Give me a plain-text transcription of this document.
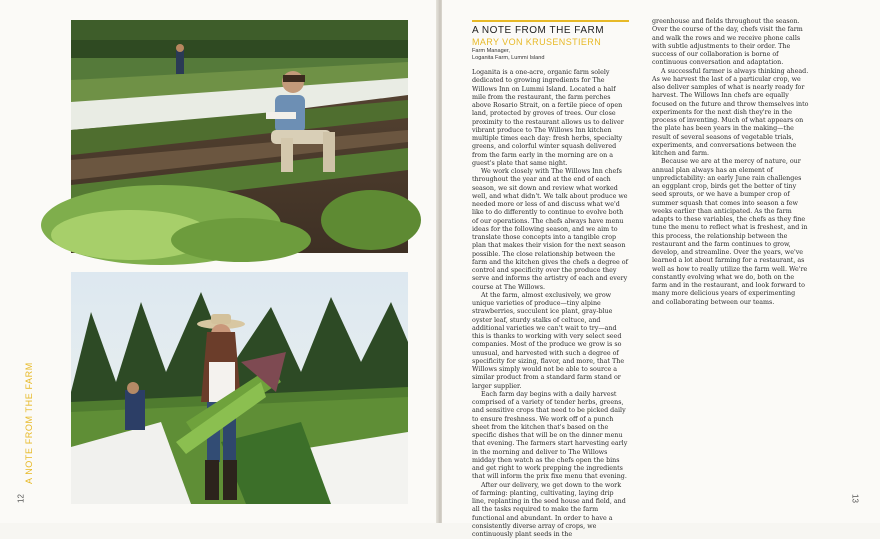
A NOTE FROM THE FARM
12	13
A NOTE FROM THE FARM
MARY VON KRUSENSTIERN
Farm Manager,
Loganita Farm, Lummi Island

Loganita is a one-acre, organic farm solely dedicated to growing ingredients for The Willows Inn on Lummi Island. Located a half mile from the restaurant, the farm perches above Rosario Strait, on a fertile piece of open land, protected by groves of trees. Our close proximity to the restaurant allows us to deliver vibrant produce to The Willows Inn kitchen multiple times each day: fresh herbs, specialty greens, and colorful winter squash delivered from the farm early in the morning are on a guest's plate that same night.

We work closely with The Willows Inn chefs throughout the year and at the end of each season, we sit down and review what worked well, and what didn't. We talk about produce we needed more or less of and discuss what we'd like to do differently to continue to evolve both of our operations. The chefs always have menu ideas for the following season, and we aim to translate those concepts into a tangible crop plan that makes their vision for the next season possible. The close relationship between the farm and the kitchen gives the chefs a degree of control and specificity over the produce they serve and informs the artistry of each and every course at The Willows.

At the farm, almost exclusively, we grow unique varieties of produce—tiny alpine strawberries, succulent ice plant, gray-blue oyster leaf, sturdy stalks of celtuce, and additional varieties we can't wait to try—and this is thanks to working with very select seed companies. Most of the produce we grow is so unusual, and harvested with such a degree of specificity for sizing, flavor, and more, that The Willows simply would not be able to source a similar product from a standard farm stand or larger supplier.

Each farm day begins with a daily harvest comprised of a variety of tender herbs, greens, and sensitive crops that need to be picked daily to ensure freshness. We work off of a punch sheet from the kitchen that's based on the specific dishes that will be on the dinner menu that evening. The farmers start harvesting early in the morning and deliver to The Willows midday then watch as the chefs open the bins and get right to work prepping the ingredients that will inform the prix fixe menu that evening.

After our delivery, we get down to the work of farming: planting, cultivating, laying drip line, replanting in the seed house and field, and all the tasks required to make the farm functional and abundant. In order to have a consistently diverse array of crops, we continuously plant seeds in the

greenhouse and fields throughout the season. Over the course of the day, chefs visit the farm and walk the rows and we receive phone calls with subtle adjustments to their order. The success of our collaboration is borne of continuous conversation and adaptation.

A successful farmer is always thinking ahead. As we harvest the last of a particular crop, we also deliver samples of what is nearly ready for harvest. The Willows Inn chefs are equally focused on the future and throw themselves into experiments for the next dish they're in the process of inventing. Much of what appears on the plate has been years in the making—the result of several seasons of vegetable trials, experiments, and conversations between the kitchen and farm.

Because we are at the mercy of nature, our annual plan always has an element of unpredictability: an early June rain challenges an eggplant crop, birds get the better of tiny seed sprouts, or we have a bumper crop of summer squash that comes into season a few weeks earlier than anticipated. As the farm adapts to these variables, the chefs as they fine tune the menu to reflect what is freshest, and in this process, the relationship between the restaurant and the farm continues to grow, develop, and streamline. Over the years, we've learned a lot about farming for a restaurant, as well as how to really utilize the farm well. We're constantly evolving what we do, both on the farm and in the restaurant, and look forward to many more delicious years of experimenting and collaborating between our teams.
